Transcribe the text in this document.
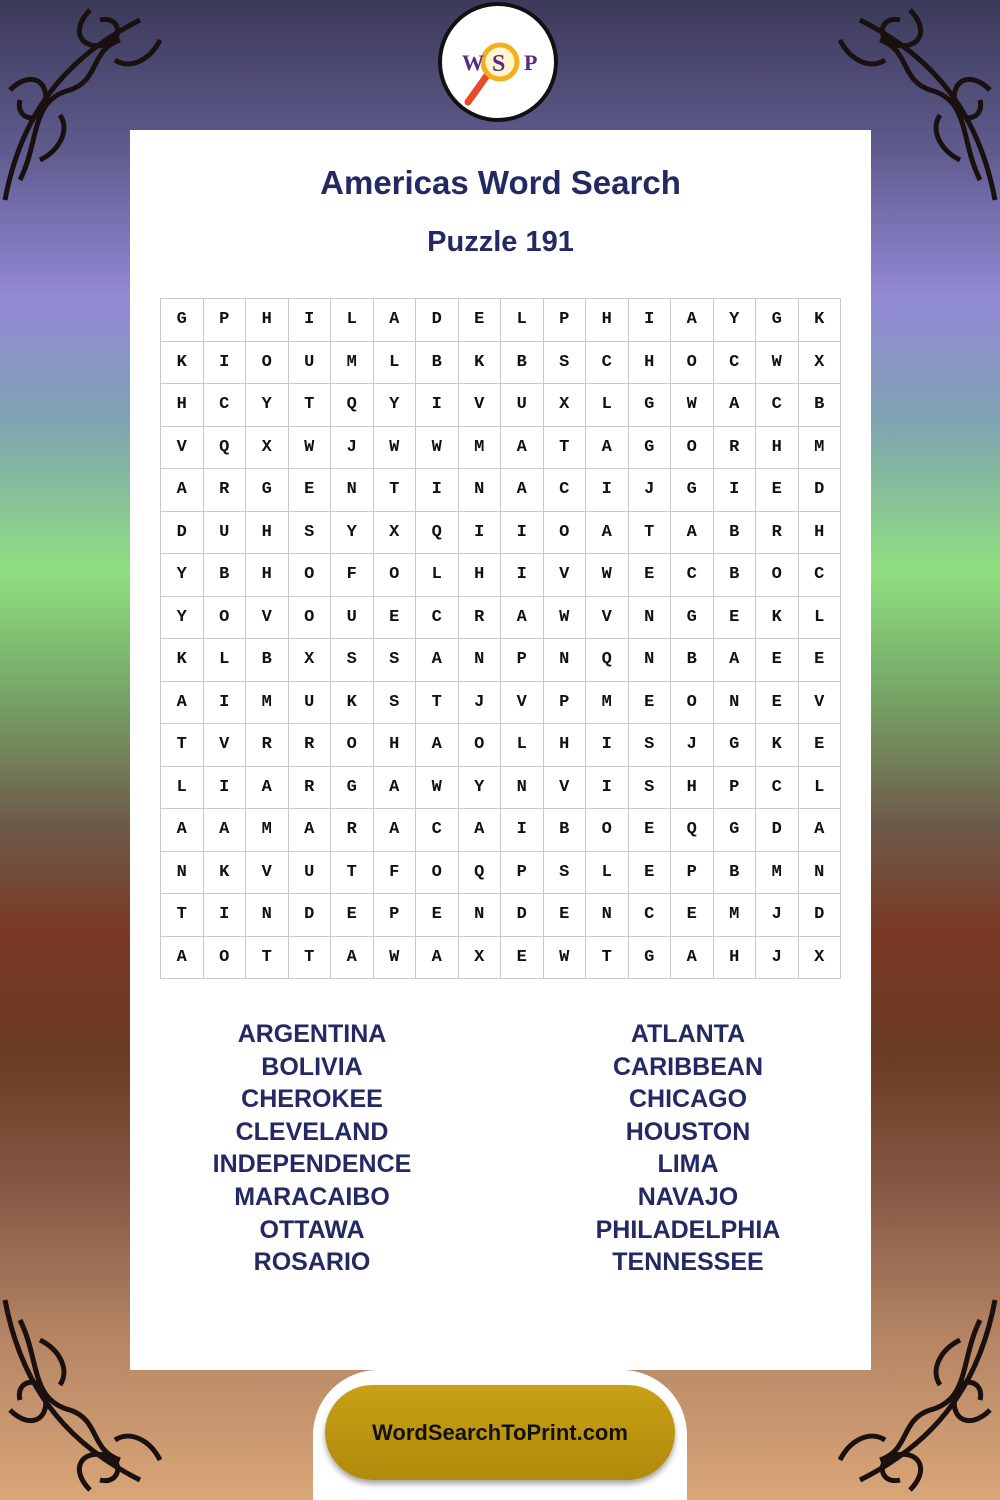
W S P
Americas Word Search
Puzzle 191
G	P	H	I	L	A	D	E	L	P	H	I	A	Y	G	K
K	I	O	U	M	L	B	K	B	S	C	H	O	C	W	X
H	C	Y	T	Q	Y	I	V	U	X	L	G	W	A	C	B
V	Q	X	W	J	W	W	M	A	T	A	G	O	R	H	M
A	R	G	E	N	T	I	N	A	C	I	J	G	I	E	D
D	U	H	S	Y	X	Q	I	I	O	A	T	A	B	R	H
Y	B	H	O	F	O	L	H	I	V	W	E	C	B	O	C
Y	O	V	O	U	E	C	R	A	W	V	N	G	E	K	L
K	L	B	X	S	S	A	N	P	N	Q	N	B	A	E	E
A	I	M	U	K	S	T	J	V	P	M	E	O	N	E	V
T	V	R	R	O	H	A	O	L	H	I	S	J	G	K	E
L	I	A	R	G	A	W	Y	N	V	I	S	H	P	C	L
A	A	M	A	R	A	C	A	I	B	O	E	Q	G	D	A
N	K	V	U	T	F	O	Q	P	S	L	E	P	B	M	N
T	I	N	D	E	P	E	N	D	E	N	C	E	M	J	D
A	O	T	T	A	W	A	X	E	W	T	G	A	H	J	X
ARGENTINA
BOLIVIA
CHEROKEE
CLEVELAND
INDEPENDENCE
MARACAIBO
OTTAWA
ROSARIO
ATLANTA
CARIBBEAN
CHICAGO
HOUSTON
LIMA
NAVAJO
PHILADELPHIA
TENNESSEE
WordSearchToPrint.com
